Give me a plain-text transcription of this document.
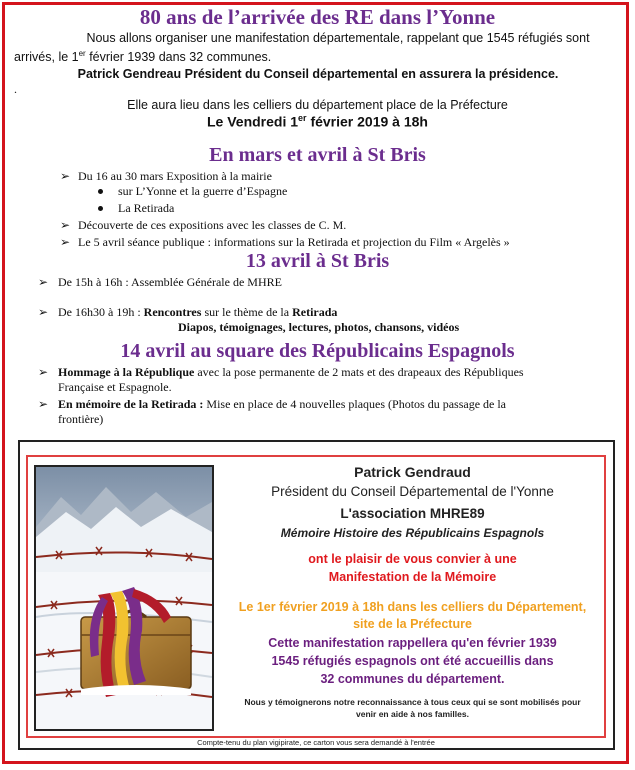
80 ans de l’arrivée des RE dans l’Yonne
Nous allons organiser une manifestation départementale, rappelant que 1545 réfugiés sont
arrivés, le 1er février 1939 dans 32 communes.
Patrick Gendreau Président du Conseil départemental en assurera la présidence.
.
Elle aura lieu dans les celliers du département place de la Préfecture
Le Vendredi 1er février 2019 à 18h
En mars et avril à St Bris
➢ Du 16 au 30 mars Exposition à la mairie
sur L’Yonne et la guerre d’Espagne
La Retirada
➢ Découverte de ces expositions avec les classes de C. M.
➢ Le 5 avril séance publique : informations sur la Retirada et projection du Film « Argelès »
13 avril à St Bris
➢ De 15h à 16h : Assemblée Générale de MHRE
➢ De 16h30 à 19h : Rencontres sur le thème de la Retirada
Diapos, témoignages, lectures, photos, chansons, vidéos
14 avril au square des Républicains Espagnols
➢ Hommage à la République avec la pose permanente de 2 mats et des drapeaux des Républiques
Française et Espagnole.
➢ En mémoire de la Retirada : Mise en place de 4 nouvelles plaques (Photos du passage de la
frontière)
Patrick Gendraud
Président du Conseil Départemental de l'Yonne
L'association MHRE89
Mémoire Histoire des Républicains Espagnols
ont le plaisir de vous convier à une
Manifestation de la Mémoire
Le 1er février 2019 à 18h dans les celliers du Département,
site de la Préfecture
Cette manifestation rappellera qu'en février 1939
1545 réfugiés espagnols ont été accueillis dans
32 communes du département.
Nous y témoignerons notre reconnaissance à tous ceux qui se sont mobilisés pour
venir en aide à nos familles.
Compte-tenu du plan vigipirate, ce carton vous sera demandé à l'entrée
